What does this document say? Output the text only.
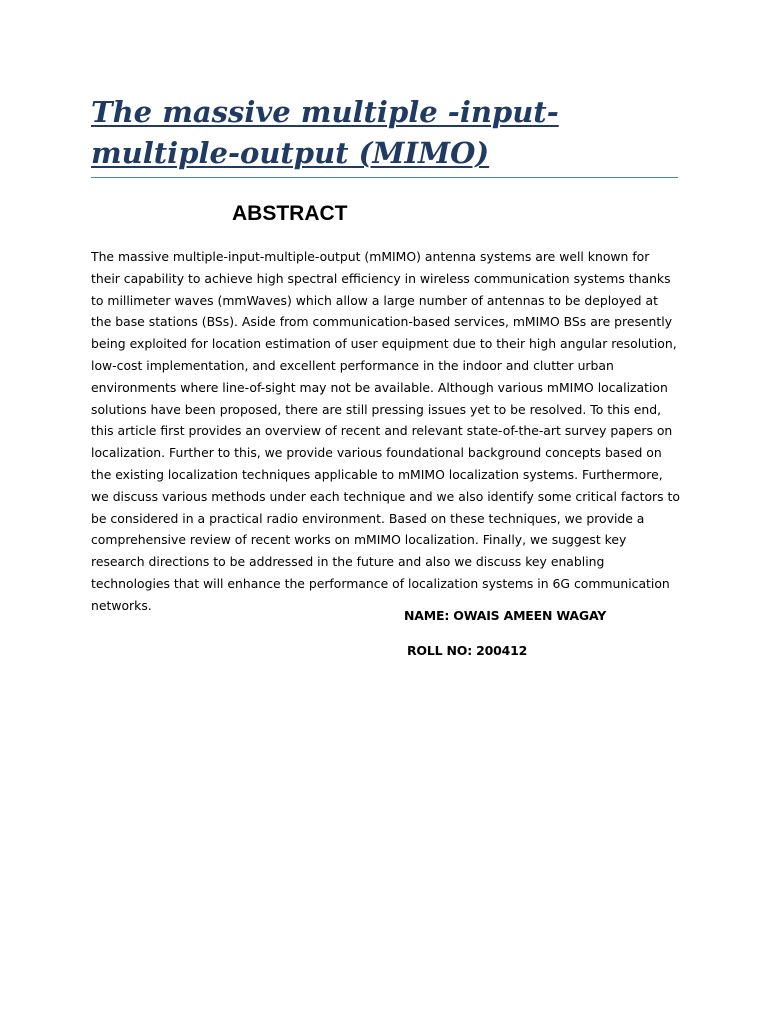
The massive multiple -input-multiple-output (MIMO)
ABSTRACT

The massive multiple-input-multiple-output (mMIMO) antenna systems are well known for their capability to achieve high spectral efficiency in wireless communication systems thanks to millimeter waves (mmWaves) which allow a large number of antennas to be deployed at the base stations (BSs). Aside from communication-based services, mMIMO BSs are presently being exploited for location estimation of user equipment due to their high angular resolution, low-cost implementation, and excellent performance in the indoor and clutter urban environments where line-of-sight may not be available. Although various mMIMO localization solutions have been proposed, there are still pressing issues yet to be resolved. To this end, this article first provides an overview of recent and relevant state-of-the-art survey papers on localization. Further to this, we provide various foundational background concepts based on the existing localization techniques applicable to mMIMO localization systems. Furthermore, we discuss various methods under each technique and we also identify some critical factors to be considered in a practical radio environment. Based on these techniques, we provide a comprehensive review of recent works on mMIMO localization. Finally, we suggest key research directions to be addressed in the future and also we discuss key enabling technologies that will enhance the performance of localization systems in 6G communication networks.

NAME: OWAIS AMEEN WAGAY

ROLL NO: 200412
